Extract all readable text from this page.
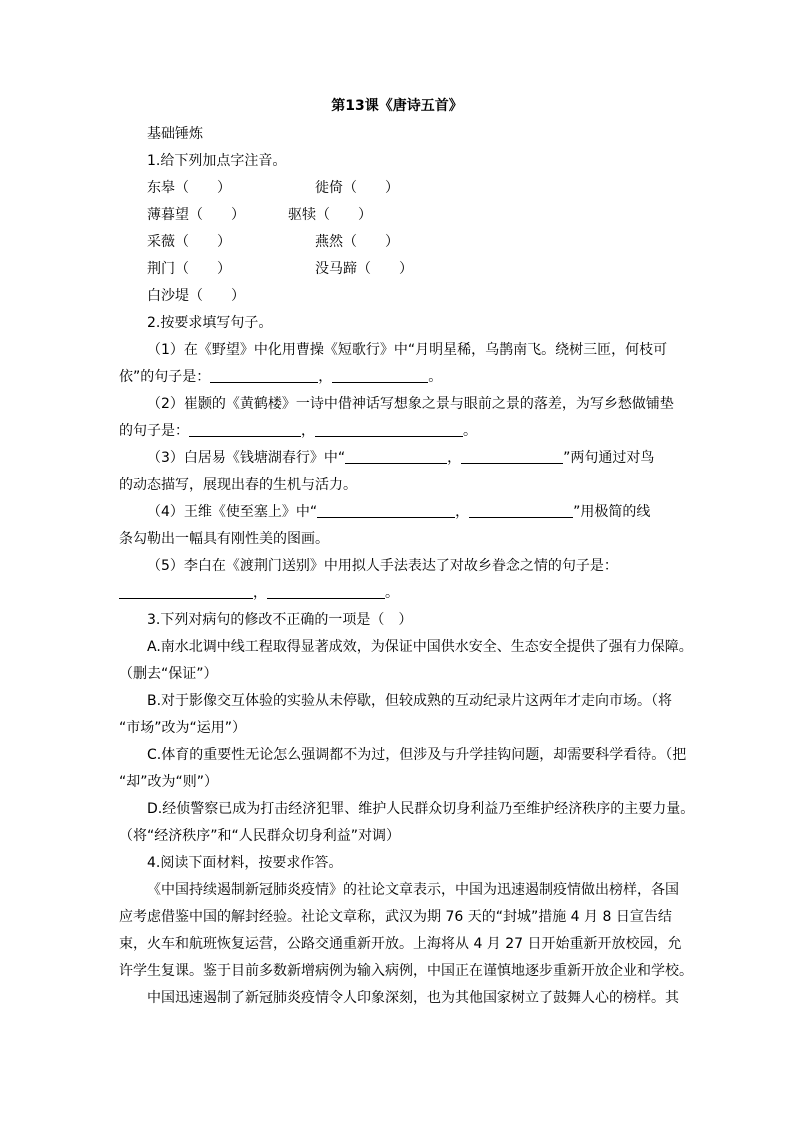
第13课《唐诗五首》
基础锤炼
1.给下列加点字注音。
东皋（　　）	徙倚（　　）
薄暮望（　　）	驱犊（　　）
采薇（　　）	燕然（　　）
荆门（　　）	没马蹄（　　）
白沙堤（　　）
2.按要求填写句子。
（1）在《野望》中化用曹操《短歌行》中“月明星稀，乌鹊南飞。绕树三匝，何枝可
依”的句子是：	，	。
（2）崔颢的《黄鹤楼》一诗中借神话写想象之景与眼前之景的落差，为写乡愁做铺垫
的句子是：	，	。
（3）白居易《钱塘湖春行》中“	，	”两句通过对鸟
的动态描写，展现出春的生机与活力。
（4）王维《使至塞上》中“	，	”用极简的线
条勾勒出一幅具有刚性美的图画。
（5）李白在《渡荆门送别》中用拟人手法表达了对故乡眷念之情的句子是：
，	。
3.下列对病句的修改不正确的一项是（　）
A.南水北调中线工程取得显著成效，为保证中国供水安全、生态安全提供了强有力保障。
（删去“保证”）
B.对于影像交互体验的实验从未停歇，但较成熟的互动纪录片这两年才走向市场。（将
“市场”改为“运用”）
C.体育的重要性无论怎么强调都不为过，但涉及与升学挂钩问题，却需要科学看待。（把
“却”改为“则”）
D.经侦警察已成为打击经济犯罪、维护人民群众切身利益乃至维护经济秩序的主要力量。
（将“经济秩序”和“人民群众切身利益”对调）
4.阅读下面材料，按要求作答。
《中国持续遏制新冠肺炎疫情》的社论文章表示，中国为迅速遏制疫情做出榜样，各国
应考虑借鉴中国的解封经验。社论文章称，武汉为期 76 天的“封城”措施 4 月 8 日宣告结
束，火车和航班恢复运营，公路交通重新开放。上海将从 4 月 27 日开始重新开放校园，允
许学生复课。鉴于目前多数新增病例为输入病例，中国正在谨慎地逐步重新开放企业和学校。
中国迅速遏制了新冠肺炎疫情令人印象深刻，也为其他国家树立了鼓舞人心的榜样。其
